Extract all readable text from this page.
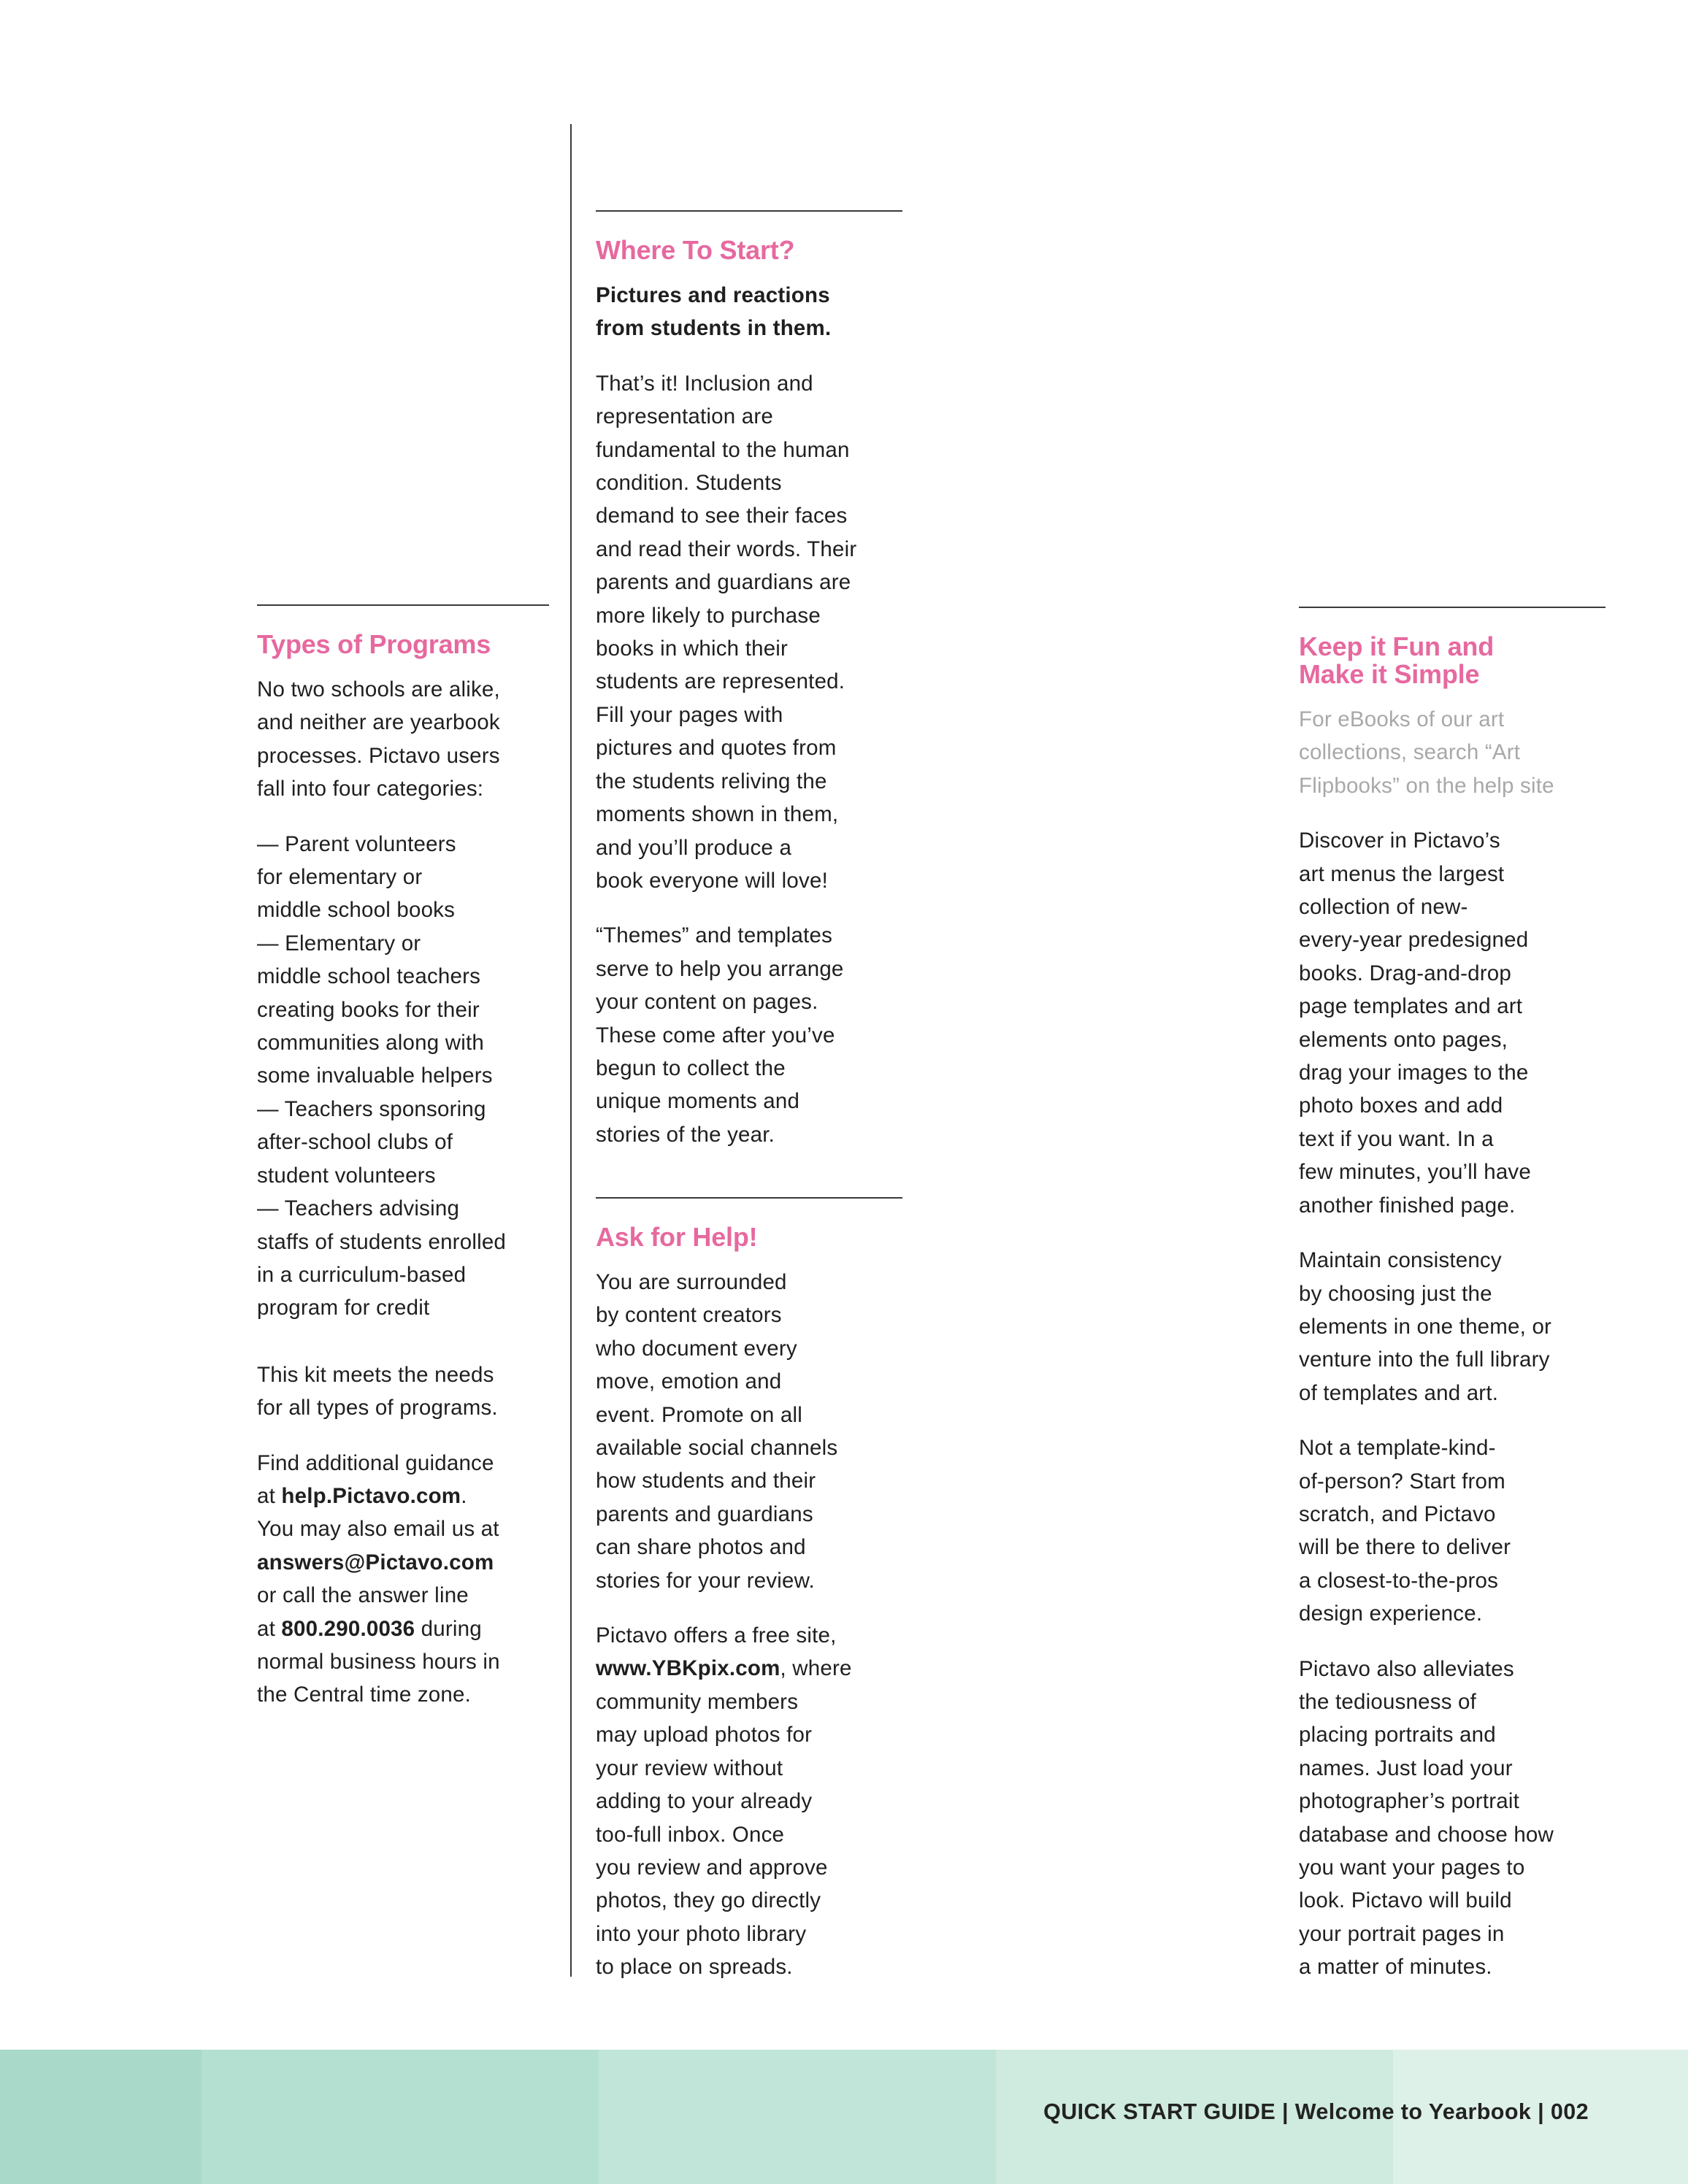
Types of Programs

No two schools are alike,
and neither are yearbook
processes. Pictavo users
fall into four categories:

— Parent volunteers
for elementary or
middle school books
— Elementary or
middle school teachers
creating books for their
communities along with
some invaluable helpers
— Teachers sponsoring
after-school clubs of
student volunteers
— Teachers advising
staffs of students enrolled
in a curriculum-based
program for credit

This kit meets the needs
for all types of programs.

Find additional guidance
at help.Pictavo.com.
You may also email us at
answers@Pictavo.com
or call the answer line
at 800.290.0036 during
normal business hours in
the Central time zone.

Where To Start?

Pictures and reactions
from students in them.

That’s it! Inclusion and
representation are
fundamental to the human
condition. Students
demand to see their faces
and read their words. Their
parents and guardians are
more likely to purchase
books in which their
students are represented.
Fill your pages with
pictures and quotes from
the students reliving the
moments shown in them,
and you’ll produce a
book everyone will love!

“Themes” and templates
serve to help you arrange
your content on pages.
These come after you’ve
begun to collect the
unique moments and
stories of the year.

Ask for Help!

You are surrounded
by content creators
who document every
move, emotion and
event. Promote on all
available social channels
how students and their
parents and guardians
can share photos and
stories for your review.

Pictavo offers a free site,
www.YBKpix.com, where
community members
may upload photos for
your review without
adding to your already
too-full inbox. Once
you review and approve
photos, they go directly
into your photo library
to place on spreads.

Keep it Fun and
Make it Simple

For eBooks of our art
collections, search “Art
Flipbooks” on the help site

Discover in Pictavo’s
art menus the largest
collection of new-
every-year predesigned
books. Drag-and-drop
page templates and art
elements onto pages,
drag your images to the
photo boxes and add
text if you want. In a
few minutes, you’ll have
another finished page.

Maintain consistency
by choosing just the
elements in one theme, or
venture into the full library
of templates and art.

Not a template-kind-
of-person? Start from
scratch, and Pictavo
will be there to deliver
a closest-to-the-pros
design experience.

Pictavo also alleviates
the tediousness of
placing portraits and
names. Just load your
photographer’s portrait
database and choose how
you want your pages to
look. Pictavo will build
your portrait pages in
a matter of minutes.

QUICK START GUIDE | Welcome to Yearbook | 002
